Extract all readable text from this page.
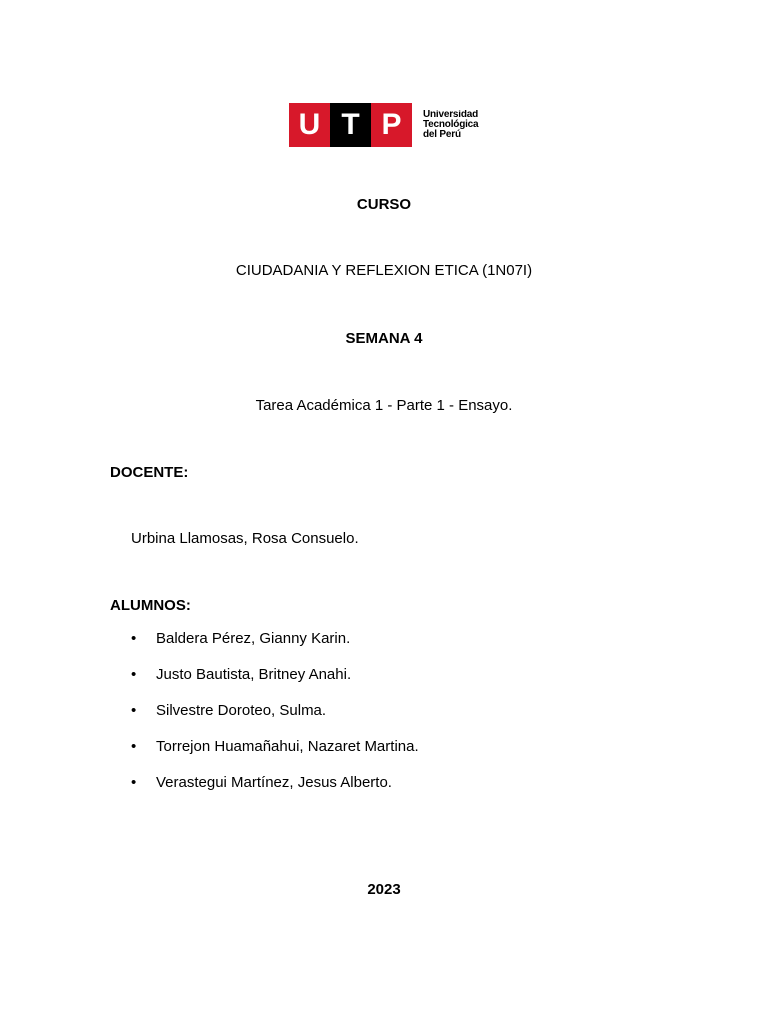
U T P	Universidad
Tecnológica
del Perú
CURSO
CIUDADANIA Y REFLEXION ETICA (1N07I)
SEMANA 4
Tarea Académica 1 - Parte 1 - Ensayo.
DOCENTE:
Urbina Llamosas, Rosa Consuelo.
ALUMNOS:
•	Baldera Pérez, Gianny Karin.
•	Justo Bautista, Britney Anahi.
•	Silvestre Doroteo, Sulma.
•	Torrejon Huamañahui, Nazaret Martina.
•	Verastegui Martínez, Jesus Alberto.
2023
